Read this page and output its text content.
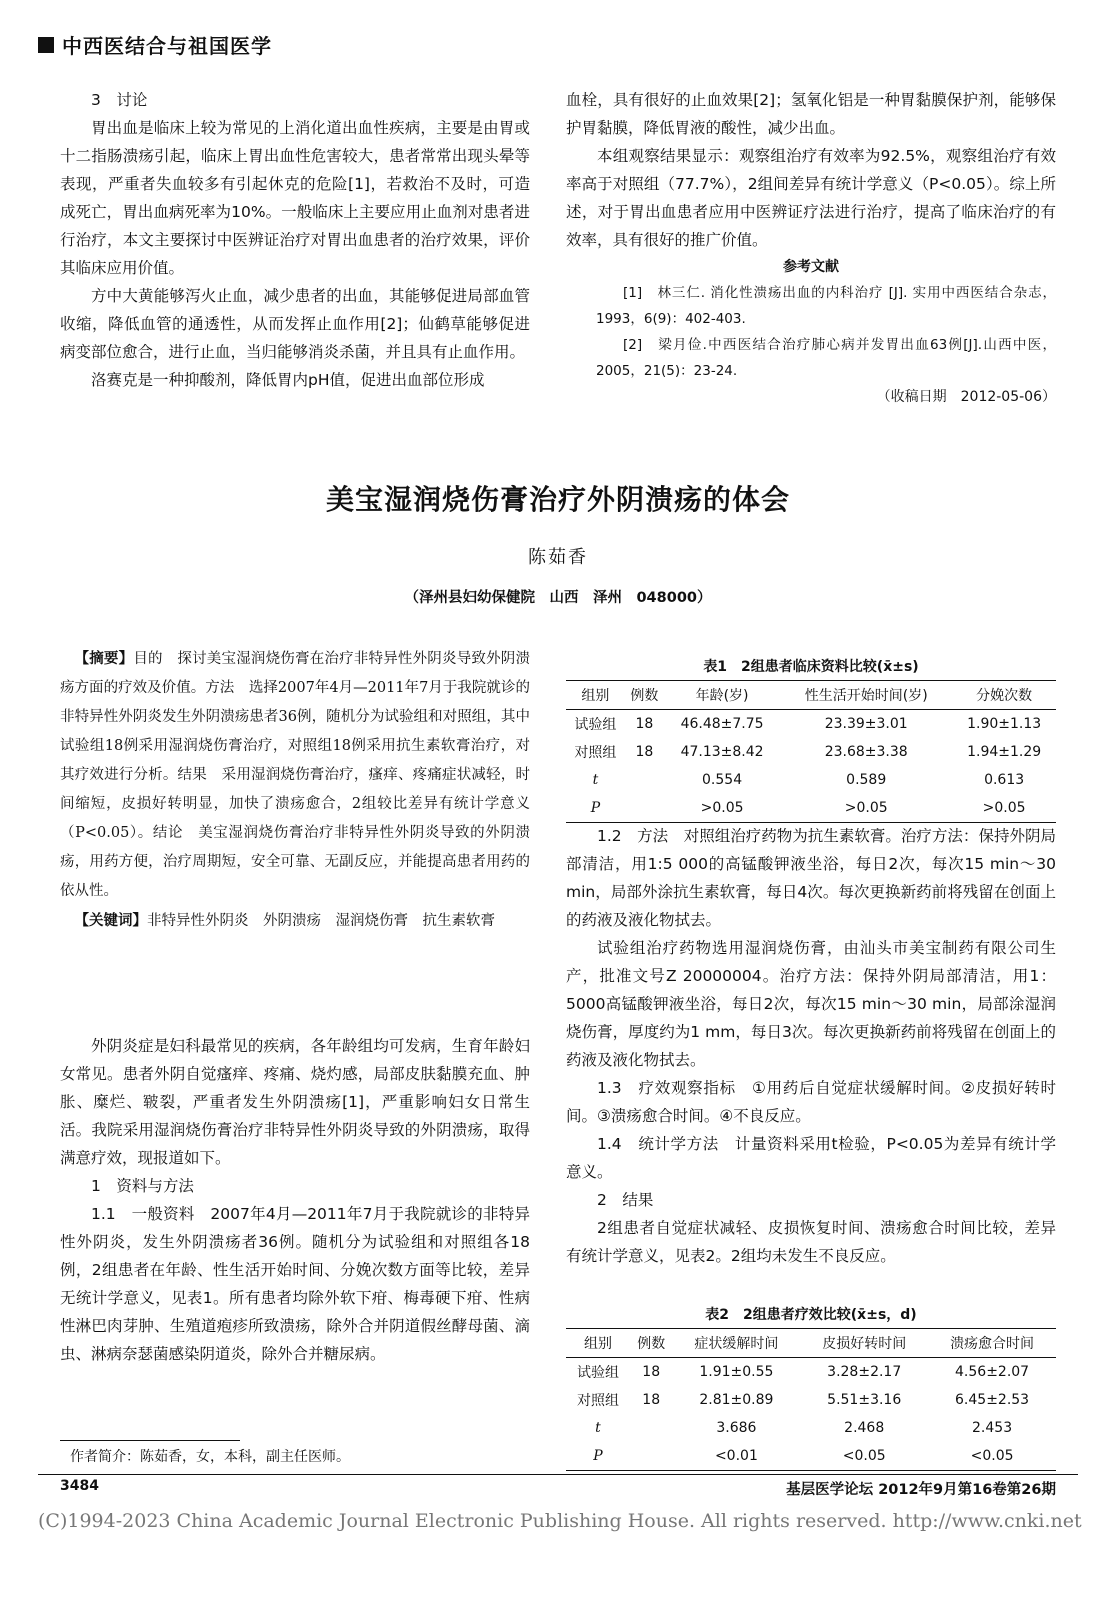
中西医结合与祖国医学

3　讨论

胃出血是临床上较为常见的上消化道出血性疾病，主要是由胃或十二指肠溃疡引起，临床上胃出血性危害较大，患者常常出现头晕等表现，严重者失血较多有引起休克的危险[1]，若救治不及时，可造成死亡，胃出血病死率为10%。一般临床上主要应用止血剂对患者进行治疗，本文主要探讨中医辨证治疗对胃出血患者的治疗效果，评价其临床应用价值。

方中大黄能够泻火止血，减少患者的出血，其能够促进局部血管收缩，降低血管的通透性，从而发挥止血作用[2]；仙鹤草能够促进病变部位愈合，进行止血，当归能够消炎杀菌，并且具有止血作用。

洛赛克是一种抑酸剂，降低胃内pH值，促进出血部位形成

血栓，具有很好的止血效果[2]；氢氧化铝是一种胃黏膜保护剂，能够保护胃黏膜，降低胃液的酸性，减少出血。

本组观察结果显示：观察组治疗有效率为92.5%，观察组治疗有效率高于对照组（77.7%），2组间差异有统计学意义（P<0.05）。综上所述，对于胃出血患者应用中医辨证疗法进行治疗，提高了临床治疗的有效率，具有很好的推广价值。

参考文献

[1]　林三仁. 消化性溃疡出血的内科治疗 [J]. 实用中西医结合杂志，1993，6(9)：402-403.

[2]　梁月俭.中西医结合治疗肺心病并发胃出血63例[J].山西中医，2005，21(5)：23-24.

（收稿日期　2012-05-06）
美宝湿润烧伤膏治疗外阴溃疡的体会
陈茹香
（泽州县妇幼保健院　山西　泽州　048000）

【摘要】目的　探讨美宝湿润烧伤膏在治疗非特异性外阴炎导致外阴溃疡方面的疗效及价值。方法　选择2007年4月—2011年7月于我院就诊的非特异性外阴炎发生外阴溃疡患者36例，随机分为试验组和对照组，其中试验组18例采用湿润烧伤膏治疗，对照组18例采用抗生素软膏治疗，对其疗效进行分析。结果　采用湿润烧伤膏治疗，瘙痒、疼痛症状减轻，时间缩短，皮损好转明显，加快了溃疡愈合，2组较比差异有统计学意义（P<0.05）。结论　美宝湿润烧伤膏治疗非特异性外阴炎导致的外阴溃疡，用药方便，治疗周期短，安全可靠、无副反应，并能提高患者用药的依从性。

【关键词】非特异性外阴炎　外阴溃疡　湿润烧伤膏　抗生素软膏

外阴炎症是妇科最常见的疾病，各年龄组均可发病，生育年龄妇女常见。患者外阴自觉瘙痒、疼痛、烧灼感，局部皮肤黏膜充血、肿胀、糜烂、皲裂，严重者发生外阴溃疡[1]，严重影响妇女日常生活。我院采用湿润烧伤膏治疗非特异性外阴炎导致的外阴溃疡，取得满意疗效，现报道如下。

1　资料与方法

1.1　一般资料　2007年4月—2011年7月于我院就诊的非特异性外阴炎，发生外阴溃疡者36例。随机分为试验组和对照组各18例，2组患者在年龄、性生活开始时间、分娩次数方面等比较，差异无统计学意义，见表1。所有患者均除外软下疳、梅毒硬下疳、性病性淋巴肉芽肿、生殖道疱疹所致溃疡，除外合并阴道假丝酵母菌、滴虫、淋病奈瑟菌感染阴道炎，除外合并糖尿病。

表1　2组患者临床资料比较(x̄±s)
组别	例数	年龄(岁)	性生活开始时间(岁)	分娩次数
试验组	18	46.48±7.75	23.39±3.01	1.90±1.13
对照组	18	47.13±8.42	23.68±3.38	1.94±1.29
t		0.554	0.589	0.613
P		>0.05	>0.05	>0.05

1.2　方法　对照组治疗药物为抗生素软膏。治疗方法：保持外阴局部清洁，用1:5 000的高锰酸钾液坐浴，每日2次，每次15 min～30 min，局部外涂抗生素软膏，每日4次。每次更换新药前将残留在创面上的药液及液化物拭去。

试验组治疗药物选用湿润烧伤膏，由汕头市美宝制药有限公司生产，批准文号Z 20000004。治疗方法：保持外阴局部清洁，用1：5000高锰酸钾液坐浴，每日2次，每次15 min～30 min，局部涂湿润烧伤膏，厚度约为1 mm，每日3次。每次更换新药前将残留在创面上的药液及液化物拭去。

1.3　疗效观察指标　①用药后自觉症状缓解时间。②皮损好转时间。③溃疡愈合时间。④不良反应。

1.4　统计学方法　计量资料采用t检验，P<0.05为差异有统计学意义。

2　结果

2组患者自觉症状减轻、皮损恢复时间、溃疡愈合时间比较，差异有统计学意义，见表2。2组均未发生不良反应。

表2　2组患者疗效比较(x̄±s，d)
组别	例数	症状缓解时间	皮损好转时间	溃疡愈合时间
试验组	18	1.91±0.55	3.28±2.17	4.56±2.07
对照组	18	2.81±0.89	5.51±3.16	6.45±2.53
t		3.686	2.468	2.453
P		<0.01	<0.05	<0.05
作者简介：陈茹香，女，本科，副主任医师。
3484	基层医学论坛 2012年9月第16卷第26期
(C)1994-2023 China Academic Journal Electronic Publishing House. All rights reserved. http://www.cnki.net
